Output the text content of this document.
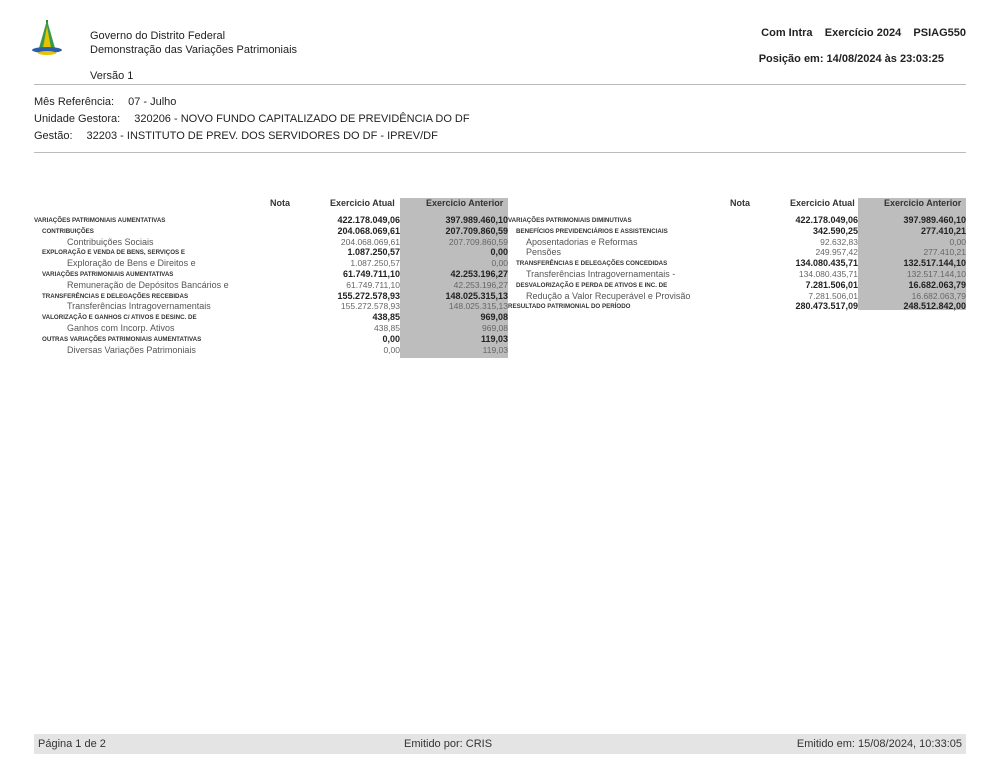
Governo do Distrito Federal
Demonstração das Variações Patrimoniais
Versão 1
Com Intra    Exercício 2024    PSIAG550
Posição em: 14/08/2024 às 23:03:25
Mês Referência: 07 - Julho
Unidade Gestora: 320206 - NOVO FUNDO CAPITALIZADO DE PREVIDÊNCIA DO DF
Gestão: 32203 - INSTITUTO DE PREV. DOS SERVIDORES DO DF - IPREV/DF
Nota	Exercicio Atual	Exercicio Anterior
VARIAÇÕES PATRIMONIAIS AUMENTATIVAS	422.178.049,06	397.989.460,10
CONTRIBUIÇÕES	204.068.069,61	207.709.860,59
Contribuições Sociais	204.068.069,61	207.709.860,59
EXPLORAÇÃO E VENDA DE BENS, SERVIÇOS E	1.087.250,57	0,00
Exploração de Bens e Direitos e	1.087.250,57	0,00
VARIAÇÕES PATRIMONIAIS AUMENTATIVAS	61.749.711,10	42.253.196,27
Remuneração de Depósitos Bancários e	61.749.711,10	42.253.196,27
TRANSFERÊNCIAS E DELEGAÇÕES RECEBIDAS	155.272.578,93	148.025.315,13
Transferências Intragovernamentais	155.272.578,93	148.025.315,13
VALORIZAÇÃO E GANHOS C/ ATIVOS E DESINC. DE	438,85	969,08
Ganhos com Incorp. Ativos	438,85	969,08
OUTRAS VARIAÇÕES PATRIMONIAIS AUMENTATIVAS	0,00	119,03
Diversas Variações Patrimoniais	0,00	119,03
Nota	Exercicio Atual	Exercicio Anterior
VARIAÇÕES PATRIMONIAIS DIMINUTIVAS	422.178.049,06	397.989.460,10
BENEFÍCIOS PREVIDENCIÁRIOS E ASSISTENCIAIS	342.590,25	277.410,21
Aposentadorias e Reformas	92.632,83	0,00
Pensões	249.957,42	277.410,21
TRANSFERÊNCIAS E DELEGAÇÕES CONCEDIDAS	134.080.435,71	132.517.144,10
Transferências Intragovernamentais -	134.080.435,71	132.517.144,10
DESVALORIZAÇÃO E PERDA DE ATIVOS E INC. DE	7.281.506,01	16.682.063,79
Redução a Valor Recuperável e Provisão	7.281.506,01	16.682.063,79
RESULTADO PATRIMONIAL DO PERÍODO	280.473.517,09	248.512.842,00
Página 1 de 2	Emitido por: CRIS	Emitido em: 15/08/2024, 10:33:05
